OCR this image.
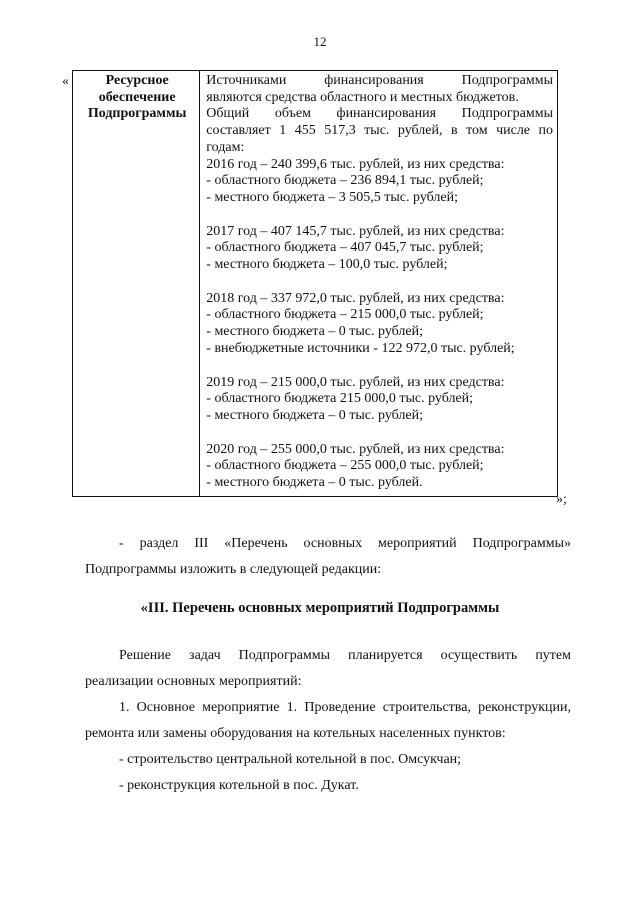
12
«	Ресурсное
обеспечение
Подпрограммы

Источниками финансирования Подпрограммы
являются средства областного и местных бюджетов.
Общий объем финансирования Подпрограммы
составляет 1 455 517,3 тыс. рублей, в том числе по
годам:
2016 год – 240 399,6 тыс. рублей, из них средства:
- областного бюджета – 236 894,1 тыс. рублей;
- местного бюджета – 3 505,5 тыс. рублей;
2017 год – 407 145,7 тыс. рублей, из них средства:
- областного бюджета – 407 045,7 тыс. рублей;
- местного бюджета – 100,0 тыс. рублей;
2018 год – 337 972,0 тыс. рублей, из них средства:
- областного бюджета – 215 000,0 тыс. рублей;
- местного бюджета – 0 тыс. рублей;
- внебюджетные источники - 122 972,0 тыс. рублей;
2019 год – 215 000,0 тыс. рублей, из них средства:
- областного бюджета 215 000,0 тыс. рублей;
- местного бюджета – 0 тыс. рублей;
2020 год – 255 000,0 тыс. рублей, из них средства:
- областного бюджета – 255 000,0 тыс. рублей;
- местного бюджета – 0 тыс. рублей.
»;
- раздел III «Перечень основных мероприятий Подпрограммы»
Подпрограммы изложить в следующей редакции:
«III. Перечень основных мероприятий Подпрограммы
Решение задач Подпрограммы планируется осуществить путем
реализации основных мероприятий:
1. Основное мероприятие 1. Проведение строительства, реконструкции,
ремонта или замены оборудования на котельных населенных пунктов:
- строительство центральной котельной в пос. Омсукчан;
- реконструкция котельной в пос. Дукат.
